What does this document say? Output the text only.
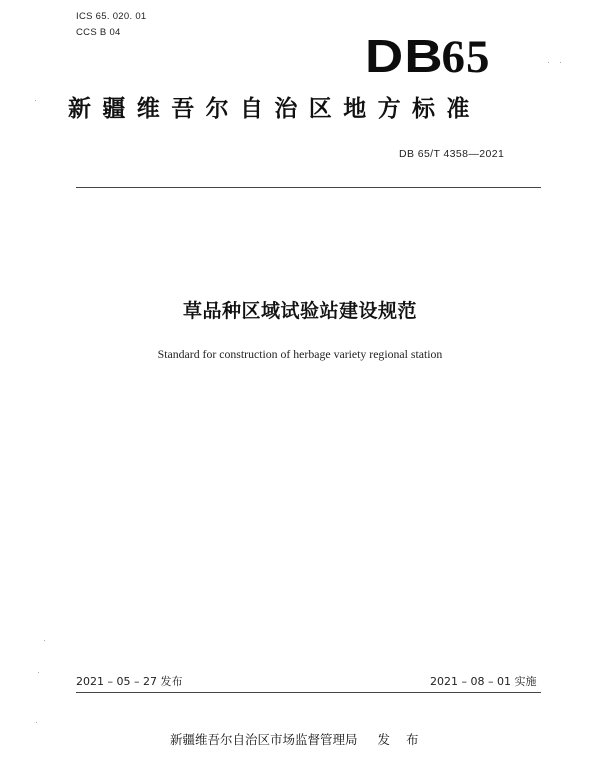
ICS 65. 020. 01
CCS B 04	DB65
新疆维吾尔自治区地方标准
DB 65/T 4358—2021
草品种区域试验站建设规范
Standard for construction of herbage variety regional station
2021 – 05 – 27 发布	2021 – 08 – 01 实施
新疆维吾尔自治区市场监督管理局 发 布
